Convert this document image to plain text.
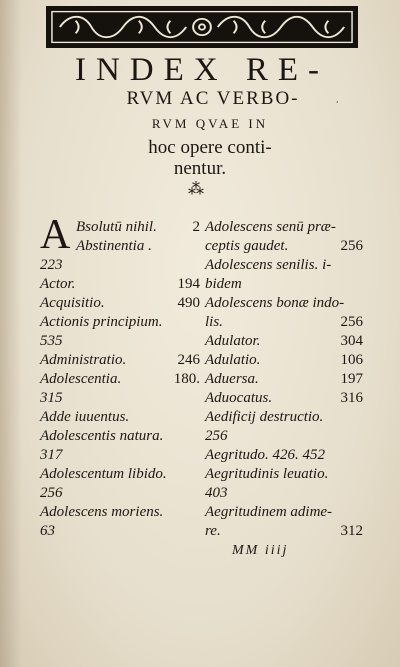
INDEX RE-
RVM AC VERBO-
RVM QVAE IN
hoc opere conti-
nentur.
⁂
ˌ
A Bsolutū nihil. 2
Abstinentia .
223
Actor.	194
Acquisitio.	490
Actionis principium.
535
Administratio.	246
Adolescentia.	180.
315
Adde iuuentus.
Adolescentis natura.
317
Adolescentum libido.
256
Adolescens moriens.
63
Adolescens senū præ-
ceptis gaudet.	256
Adolescens senilis. i-
bidem
Adolescens bonæ indo-
lis.	256
Adulator.	304
Adulatio.	106
Aduersa.	197
Aduocatus.	316
Aedificij destructio.
256
Aegritudo. 426. 452
Aegritudinis leuatio.
403
Aegritudinem adime-
re.	312
MM iiij
